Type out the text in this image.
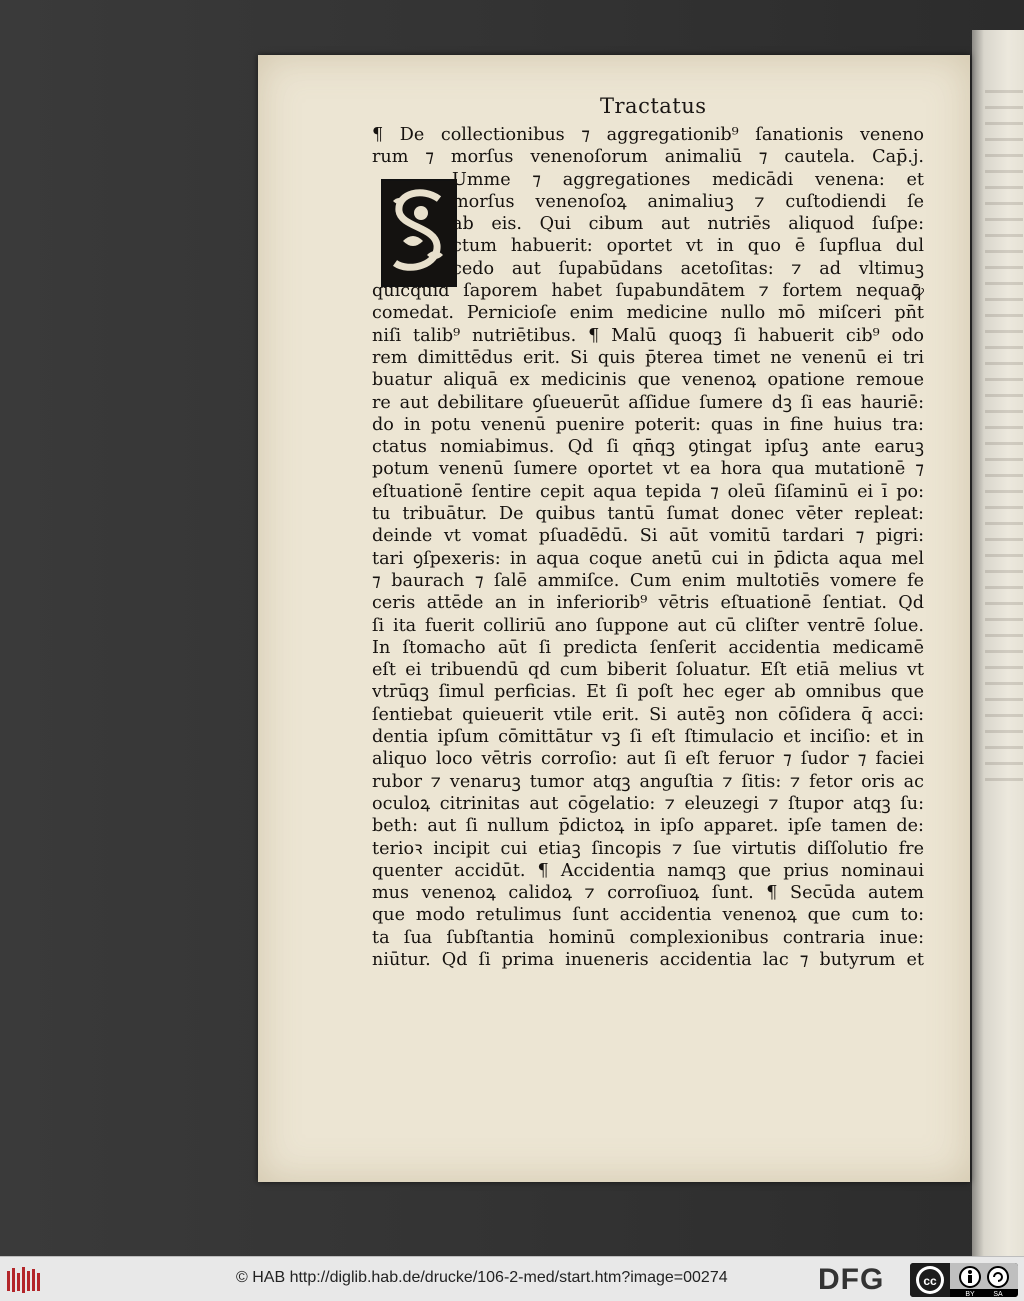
Tractatus
¶ De collectionibus ⁊ aggregationib⁹ ſanationis veneno
rum ⁊ morſus venenoſorum animaliū ⁊ cautela. Cap̄.j.
Umme ⁊ aggregationes medicādi venena: et
morſus venenoſoꝝ animaliuꝫ ⁊ cuſtodiendi ſe
ab eis. Qui cibum aut nutriēs aliquod ſuſpe:
ctum habuerit: oportet vt in quo ē ſupflua dul
cedo aut ſupabūdans acetoſitas: ⁊ ad vltimuꝫ
quicquid ſaporem habet ſupabundātem ⁊ fortem nequaꝙ̄
comedat. Pernicioſe enim medicine nullo mō miſceri pn̄t
niſi talib⁹ nutriētibus. ¶ Malū quoqꝫ ſi habuerit cib⁹ odo
rem dimittēdus erit. Si quis p̄terea timet ne venenū ei tri
buatur aliquā ex medicinis que venenoꝝ opatione remoue
re aut debilitare ꝯſueuerūt aſſidue ſumere dꝫ ſi eas hauriē:
do in potu venenū puenire poterit: quas in fine huius tra:
ctatus nomiabimus. Qd̄ ſi qn̄qꝫ ꝯtingat ipſuꝫ ante earuꝫ
potum venenū ſumere oportet vt ea hora qua mutationē ⁊
eſtuationē ſentire cepit aqua tepida ⁊ oleū ſiſaminū ei ī po:
tu tribuātur. De quibus tantū ſumat donec vēter repleat:
deinde vt vomat pſuadēdū. Si aūt vomitū tardari ⁊ pigri:
tari ꝯſpexeris: in aqua coque anetū cui in p̄dicta aqua mel
⁊ baurach ⁊ ſalē ammiſce. Cum enim multotiēs vomere fe
ceris attēde an in inferiorib⁹ vētris eſtuationē ſentiat. Qd̄
ſi ita fuerit colliriū ano ſuppone aut cū cliſter ventrē ſolue.
In ſtomacho aūt ſi predicta ſenſerit accidentia medicamē
eſt ei tribuendū qd̄ cum biberit ſoluatur. Eſt etiā melius vt
vtrūqꝫ ſimul perficias. Et ſi poſt hec eger ab omnibus que
ſentiebat quieuerit vtile erit. Si autēꝫ non cōſidera q̄ acci:
dentia ipſum cōmittātur vꝫ ſi eſt ſtimulacio et inciſio: et in
aliquo loco vētris corroſio: aut ſi eſt feruor ⁊ ſudor ⁊ faciei
rubor ⁊ venaruꝫ tumor atqꝫ anguſtia ⁊ ſitis: ⁊ fetor oris ac
oculoꝝ citrinitas aut cōgelatio: ⁊ eleuzegi ⁊ ſtupor atqꝫ ſu:
beth: aut ſi nullum p̄dictoꝝ in ipſo apparet. ipſe tamen de:
terioꝛ incipit cui etiaꝫ ſincopis ⁊ ſue virtutis diſſolutio fre
quenter accidūt. ¶ Accidentia namqꝫ que prius nominaui
mus venenoꝝ calidoꝝ ⁊ corroſiuoꝝ ſunt. ¶ Secūda autem
que modo retulimus ſunt accidentia venenoꝝ que cum to:
ta ſua ſubſtantia hominū complexionibus contraria inue:
niūtur. Qd̄ ſi prima inueneris accidentia lac ⁊ butyrum et
© HAB http://diglib.hab.de/drucke/106-2-med/start.htm?image=00274	DFG	cc
BY	SA
